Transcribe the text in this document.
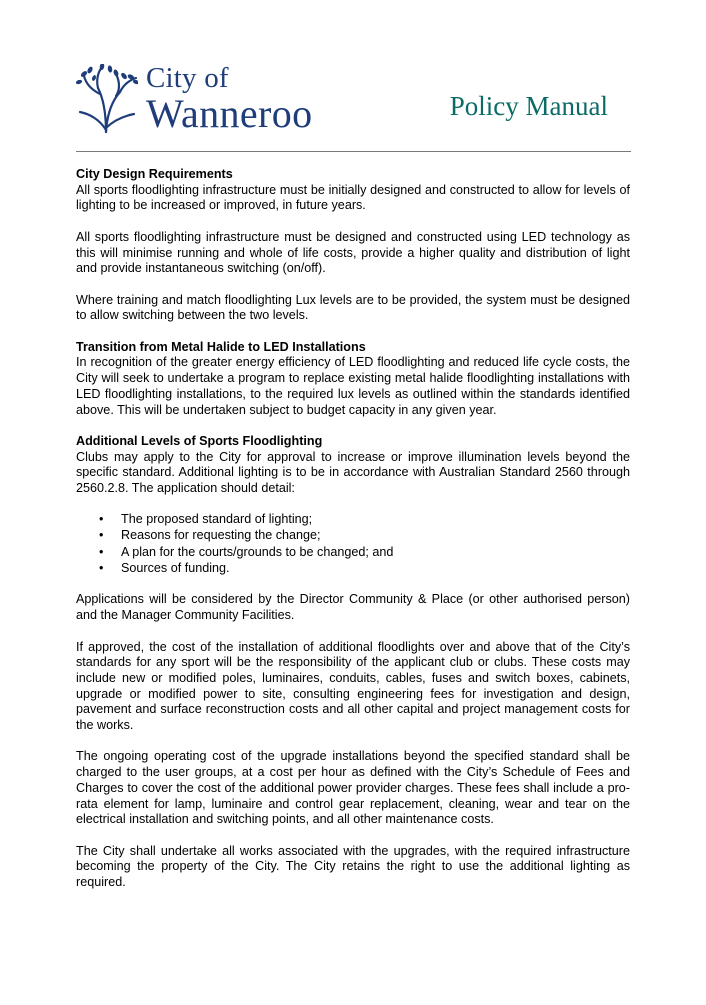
City of
Wanneroo	Policy Manual

City Design Requirements

All sports floodlighting infrastructure must be initially designed and constructed to allow for levels of lighting to be increased or improved, in future years.

All sports floodlighting infrastructure must be designed and constructed using LED technology as this will minimise running and whole of life costs, provide a higher quality and distribution of light and provide instantaneous switching (on/off).

Where training and match floodlighting Lux levels are to be provided, the system must be designed to allow switching between the two levels.

Transition from Metal Halide to LED Installations

In recognition of the greater energy efficiency of LED floodlighting and reduced life cycle costs, the City will seek to undertake a program to replace existing metal halide floodlighting installations with LED floodlighting installations, to the required lux levels as outlined within the standards identified above. This will be undertaken subject to budget capacity in any given year.

Additional Levels of Sports Floodlighting

Clubs may apply to the City for approval to increase or improve illumination levels beyond the specific standard. Additional lighting is to be in accordance with Australian Standard 2560 through 2560.2.8. The application should detail:

• The proposed standard of lighting;
• Reasons for requesting the change;
• A plan for the courts/grounds to be changed; and
• Sources of funding.

Applications will be considered by the Director Community & Place (or other authorised person) and the Manager Community Facilities.

If approved, the cost of the installation of additional floodlights over and above that of the City’s standards for any sport will be the responsibility of the applicant club or clubs. These costs may include new or modified poles, luminaires, conduits, cables, fuses and switch boxes, cabinets, upgrade or modified power to site, consulting engineering fees for investigation and design, pavement and surface reconstruction costs and all other capital and project management costs for the works.

The ongoing operating cost of the upgrade installations beyond the specified standard shall be charged to the user groups, at a cost per hour as defined with the City’s Schedule of Fees and Charges to cover the cost of the additional power provider charges. These fees shall include a pro-rata element for lamp, luminaire and control gear replacement, cleaning, wear and tear on the electrical installation and switching points, and all other maintenance costs.

The City shall undertake all works associated with the upgrades, with the required infrastructure becoming the property of the City. The City retains the right to use the additional lighting as required.
